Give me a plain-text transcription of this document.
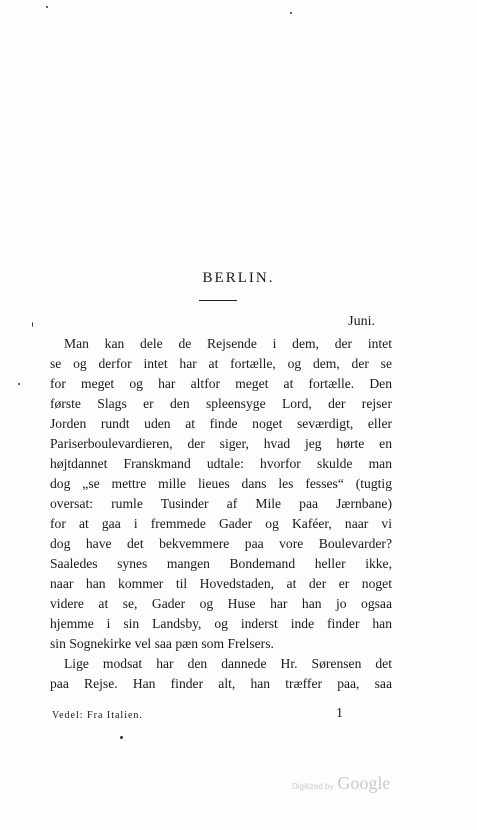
BERLIN.
Juni.
Man kan dele de Rejsende i dem, der intet
se og derfor intet har at fortælle, og dem, der se
for meget og har altfor meget at fortælle. Den
første Slags er den spleensyge Lord, der rejser
Jorden rundt uden at finde noget seværdigt, eller
Pariserboulevardieren, der siger, hvad jeg hørte en
højtdannet Franskmand udtale: hvorfor skulde man
dog „se mettre mille lieues dans les fesses“ (tugtig
oversat: rumle Tusinder af Mile paa Jærnbane)
for at gaa i fremmede Gader og Kaféer, naar vi
dog have det bekvemmere paa vore Boulevarder?
Saaledes synes mangen Bondemand heller ikke,
naar han kommer til Hovedstaden, at der er noget
videre at se, Gader og Huse har han jo ogsaa
hjemme i sin Landsby, og inderst inde finder han
sin Sognekirke vel saa pæn som Frelsers.
Lige modsat har den dannede Hr. Sørensen det
paa Rejse. Han finder alt, han træffer paa, saa
Vedel: Fra Italien.	1
Digitized by Google
